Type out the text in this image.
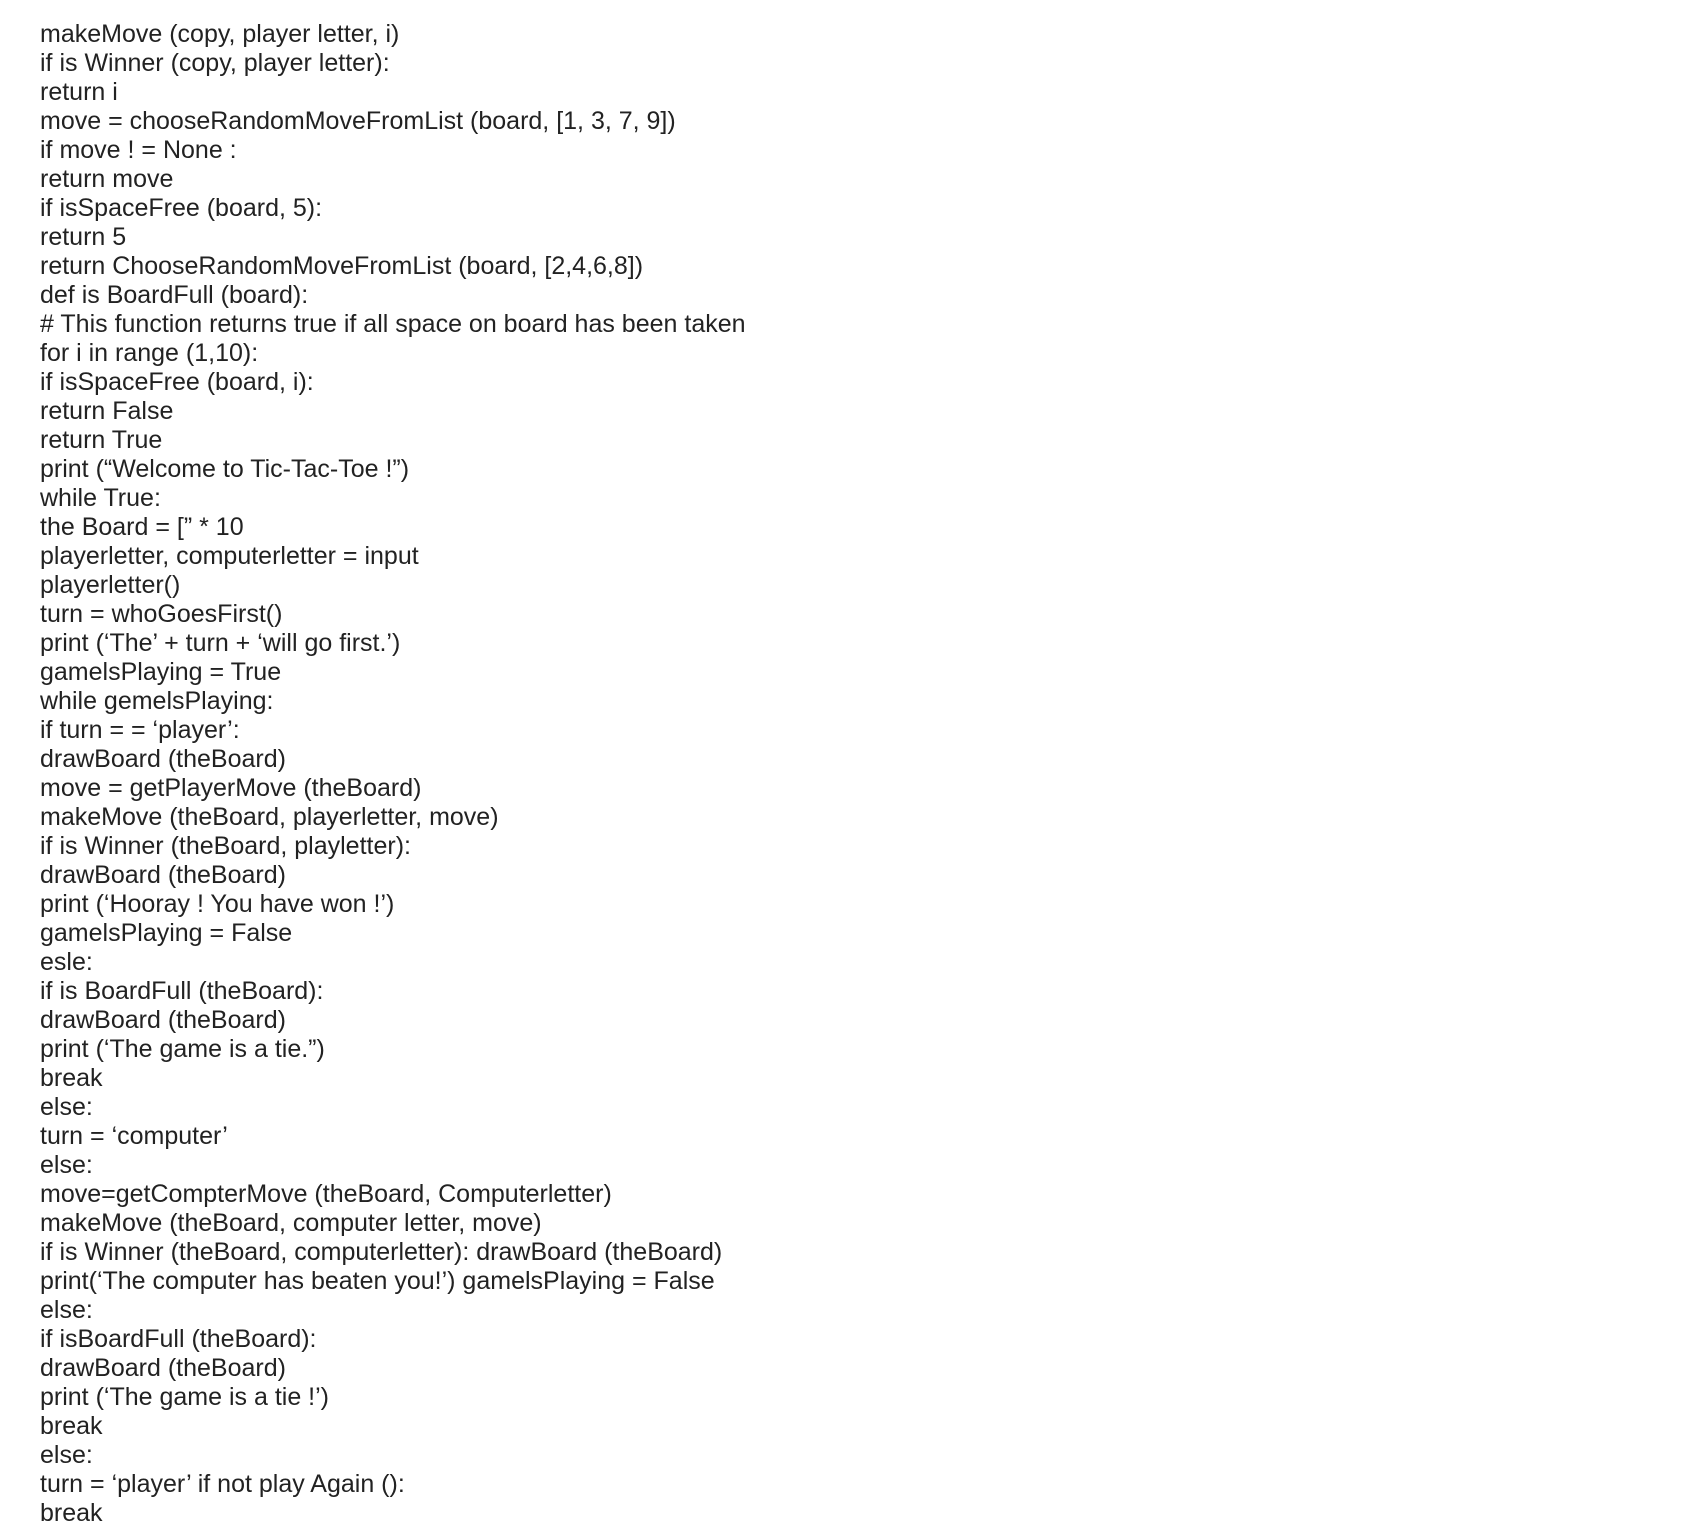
makeMove (copy, player letter, i)
if is Winner (copy, player letter):
return i
move = chooseRandomMoveFromList (board, [1, 3, 7, 9])
if move ! = None :
return move
if isSpaceFree (board, 5):
return 5
return ChooseRandomMoveFromList (board, [2,4,6,8])
def is BoardFull (board):
# This function returns true if all space on board has been taken
for i in range (1,10):
if isSpaceFree (board, i):
return False
return True
print (“Welcome to Tic-Tac-Toe !”)
while True:
the Board = [” * 10
playerletter, computerletter = input
playerletter()
turn = whoGoesFirst()
print (‘The’ + turn + ‘will go first.’)
gamelsPlaying = True
while gemelsPlaying:
if turn = = ‘player’:
drawBoard (theBoard)
move = getPlayerMove (theBoard)
makeMove (theBoard, playerletter, move)
if is Winner (theBoard, playletter):
drawBoard (theBoard)
print (‘Hooray ! You have won !’)
gamelsPlaying = False
esle:
if is BoardFull (theBoard):
drawBoard (theBoard)
print (‘The game is a tie.”)
break
else:
turn = ‘computer’
else:
move=getCompterMove (theBoard, Computerletter)
makeMove (theBoard, computer letter, move)
if is Winner (theBoard, computerletter): drawBoard (theBoard)
print(‘The computer has beaten you!’) gamelsPlaying = False
else:
if isBoardFull (theBoard):
drawBoard (theBoard)
print (‘The game is a tie !’)
break
else:
turn = ‘player’ if not play Again ():
break
